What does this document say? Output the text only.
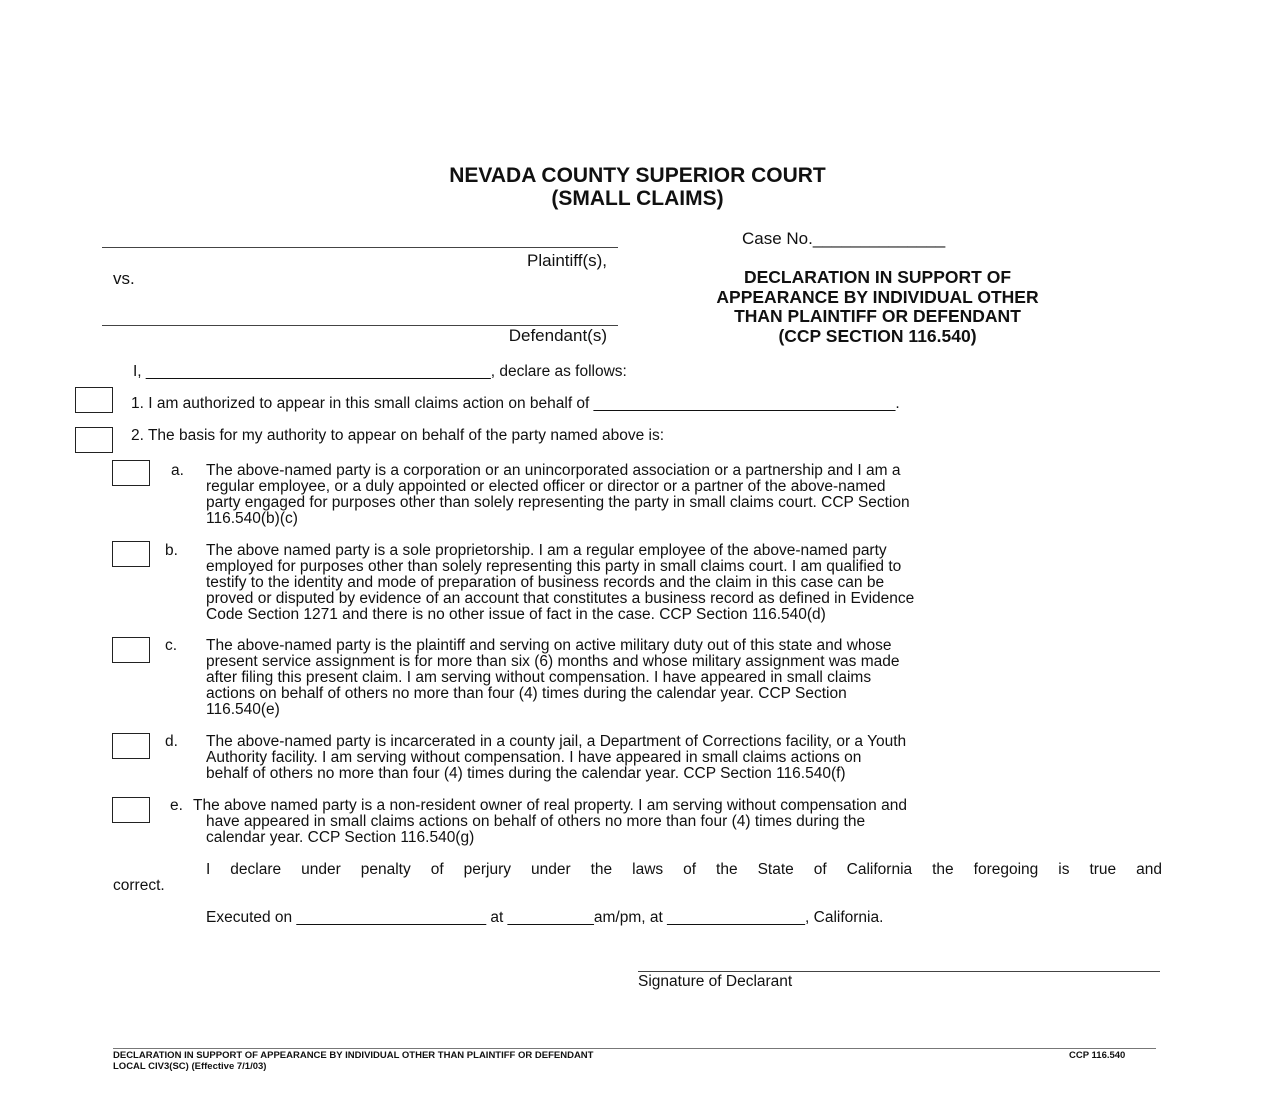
NEVADA COUNTY SUPERIOR COURT
(SMALL CLAIMS)
Plaintiff(s),
vs.
Defendant(s)
Case No.______________
DECLARATION IN SUPPORT OF
APPEARANCE BY INDIVIDUAL OTHER
THAN PLAINTIFF OR DEFENDANT
(CCP SECTION 116.540)
I, ________________________________________, declare as follows:
1. I am authorized to appear in this small claims action on behalf of ___________________________________.
2. The basis for my authority to appear on behalf of the party named above is:
a. The above-named party is a corporation or an unincorporated association or a partnership and I am a
regular employee, or a duly appointed or elected officer or director or a partner of the above-named
party engaged for purposes other than solely representing the party in small claims court. CCP Section
116.540(b)(c)
b. The above named party is a sole proprietorship. I am a regular employee of the above-named party
employed for purposes other than solely representing this party in small claims court. I am qualified to
testify to the identity and mode of preparation of business records and the claim in this case can be
proved or disputed by evidence of an account that constitutes a business record as defined in Evidence
Code Section 1271 and there is no other issue of fact in the case. CCP Section 116.540(d)
c. The above-named party is the plaintiff and serving on active military duty out of this state and whose
present service assignment is for more than six (6) months and whose military assignment was made
after filing this present claim. I am serving without compensation. I have appeared in small claims
actions on behalf of others no more than four (4) times during the calendar year. CCP Section
116.540(e)
d. The above-named party is incarcerated in a county jail, a Department of Corrections facility, or a Youth
Authority facility. I am serving without compensation. I have appeared in small claims actions on
behalf of others no more than four (4) times during the calendar year. CCP Section 116.540(f)
e. The above named party is a non-resident owner of real property. I am serving without compensation and
have appeared in small claims actions on behalf of others no more than four (4) times during the
calendar year. CCP Section 116.540(g)
I declare under penalty of perjury under the laws of the State of California the foregoing is true and
correct.
Executed on ______________________ at __________am/pm, at ________________, California.
Signature of Declarant
DECLARATION IN SUPPORT OF APPEARANCE BY INDIVIDUAL OTHER THAN PLAINTIFF OR DEFENDANT	CCP 116.540
LOCAL CIV3(SC) (Effective 7/1/03)
